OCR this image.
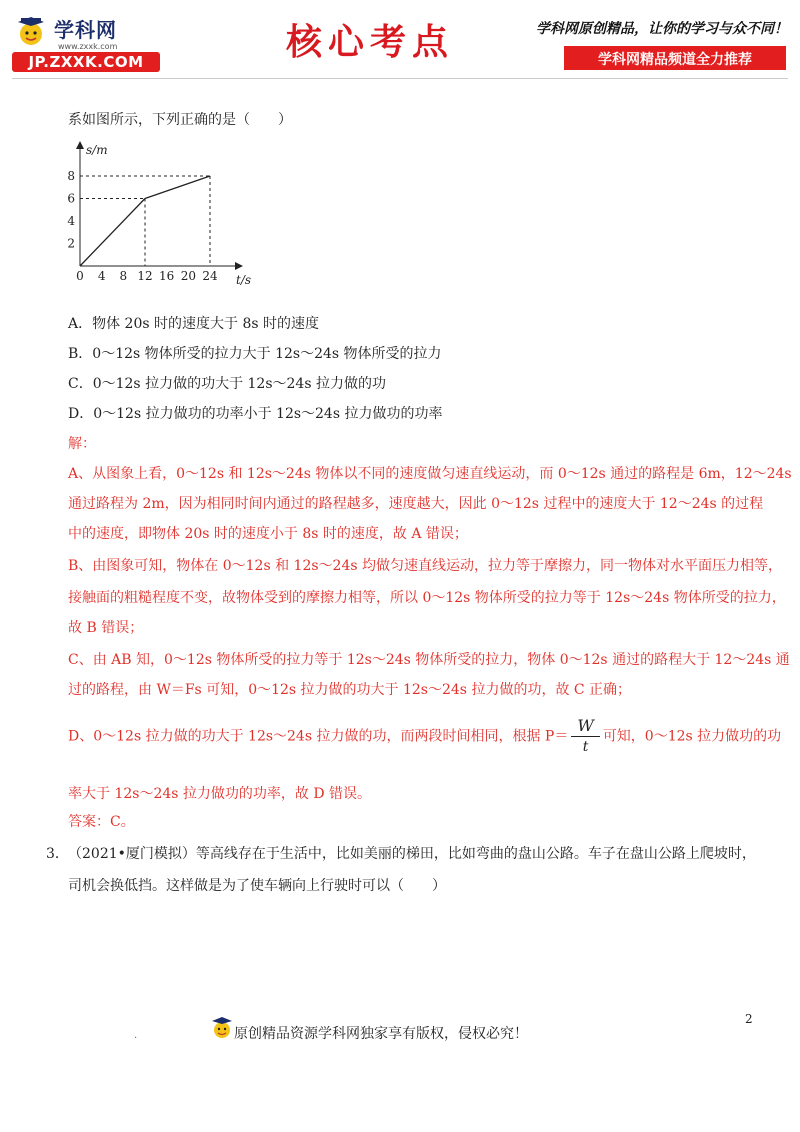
学科网
www.zxxk.com
JP.ZXXK.COM	核心考点	学科网原创精品，让你的学习与众不同！
学科网精品频道全力推荐
系如图所示，下列正确的是（　　）
s/m
t/s
0 4 8 12 16 20 24
2
4
6
8
A．物体 20s 时的速度大于 8s 时的速度
B．0～12s 物体所受的拉力大于 12s～24s 物体所受的拉力
C．0～12s 拉力做的功大于 12s～24s 拉力做的功
D．0～12s 拉力做功的功率小于 12s～24s 拉力做功的功率
解：
A、从图象上看，0～12s 和 12s～24s 物体以不同的速度做匀速直线运动，而 0～12s 通过的路程是 6m，12～24s
通过路程为 2m，因为相同时间内通过的路程越多，速度越大，因此 0～12s 过程中的速度大于 12～24s 的过程
中的速度，即物体 20s 时的速度小于 8s 时的速度，故 A 错误；
B、由图象可知，物体在 0～12s 和 12s～24s 均做匀速直线运动，拉力等于摩擦力，同一物体对水平面压力相等，
接触面的粗糙程度不变，故物体受到的摩擦力相等，所以 0～12s 物体所受的拉力等于 12s～24s 物体所受的拉力，
故 B 错误；
C、由 AB 知，0～12s 物体所受的拉力等于 12s～24s 物体所受的拉力，物体 0～12s 通过的路程大于 12～24s 通
过的路程，由 W＝Fs 可知，0～12s 拉力做的功大于 12s～24s 拉力做的功，故 C 正确；
D、0～12s 拉力做的功大于 12s～24s 拉力做的功，而两段时间相同，根据 $P= \frac{W}{t}$ 可知，0～12s 拉力做功的功
率大于 12s～24s 拉力做功的功率，故 D 错误。
答案：C。
3． （2021•厦门模拟）等高线存在于生活中，比如美丽的梯田，比如弯曲的盘山公路。车子在盘山公路上爬坡时，
司机会换低挡。这样做是为了使车辆向上行驶时可以（　　）
2
.	原创精品资源学科网独家享有版权，侵权必究！
